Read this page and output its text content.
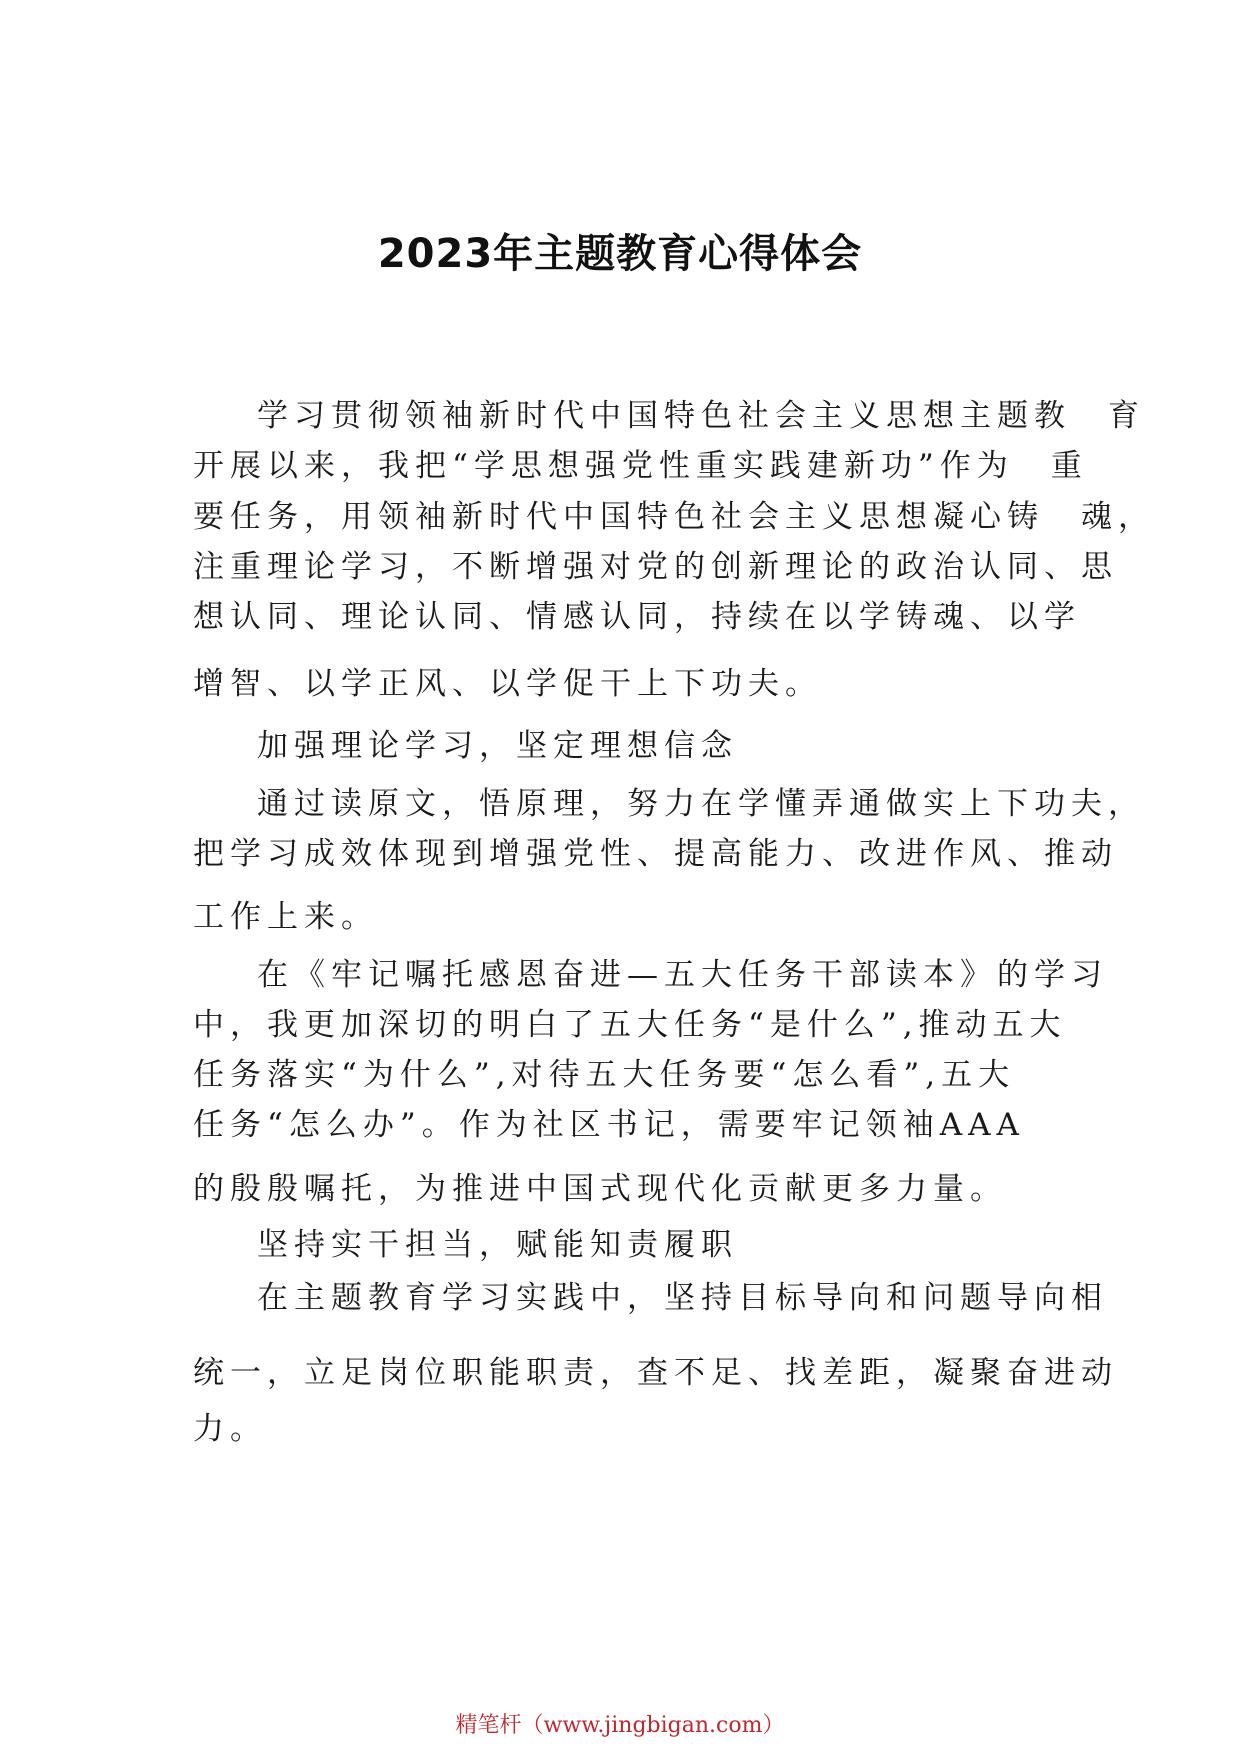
2023年主题教育心得体会
学习贯彻领袖新时代中国特色社会主义思想主题教　育
开展以来，我把“学思想强党性重实践建新功”作为　重
要任务，用领袖新时代中国特色社会主义思想凝心铸　魂，
注重理论学习，不断增强对党的创新理论的政治认同、思
想认同、理论认同、情感认同，持续在以学铸魂、以学
增智、以学正风、以学促干上下功夫。
加强理论学习，坚定理想信念
通过读原文，悟原理，努力在学懂弄通做实上下功夫，
把学习成效体现到增强党性、提高能力、改进作风、推动
工作上来。
在《牢记嘱托感恩奋进—五大任务干部读本》的学习
中，我更加深切的明白了五大任务“是什么”,推动五大
任务落实“为什么”,对待五大任务要“怎么看”,五大
任务“怎么办”。作为社区书记，需要牢记领袖AAA
的殷殷嘱托，为推进中国式现代化贡献更多力量。
坚持实干担当，赋能知责履职
在主题教育学习实践中，坚持目标导向和问题导向相
统一，立足岗位职能职责，查不足、找差距，凝聚奋进动
力。
精笔杆（www.jingbigan.com）
